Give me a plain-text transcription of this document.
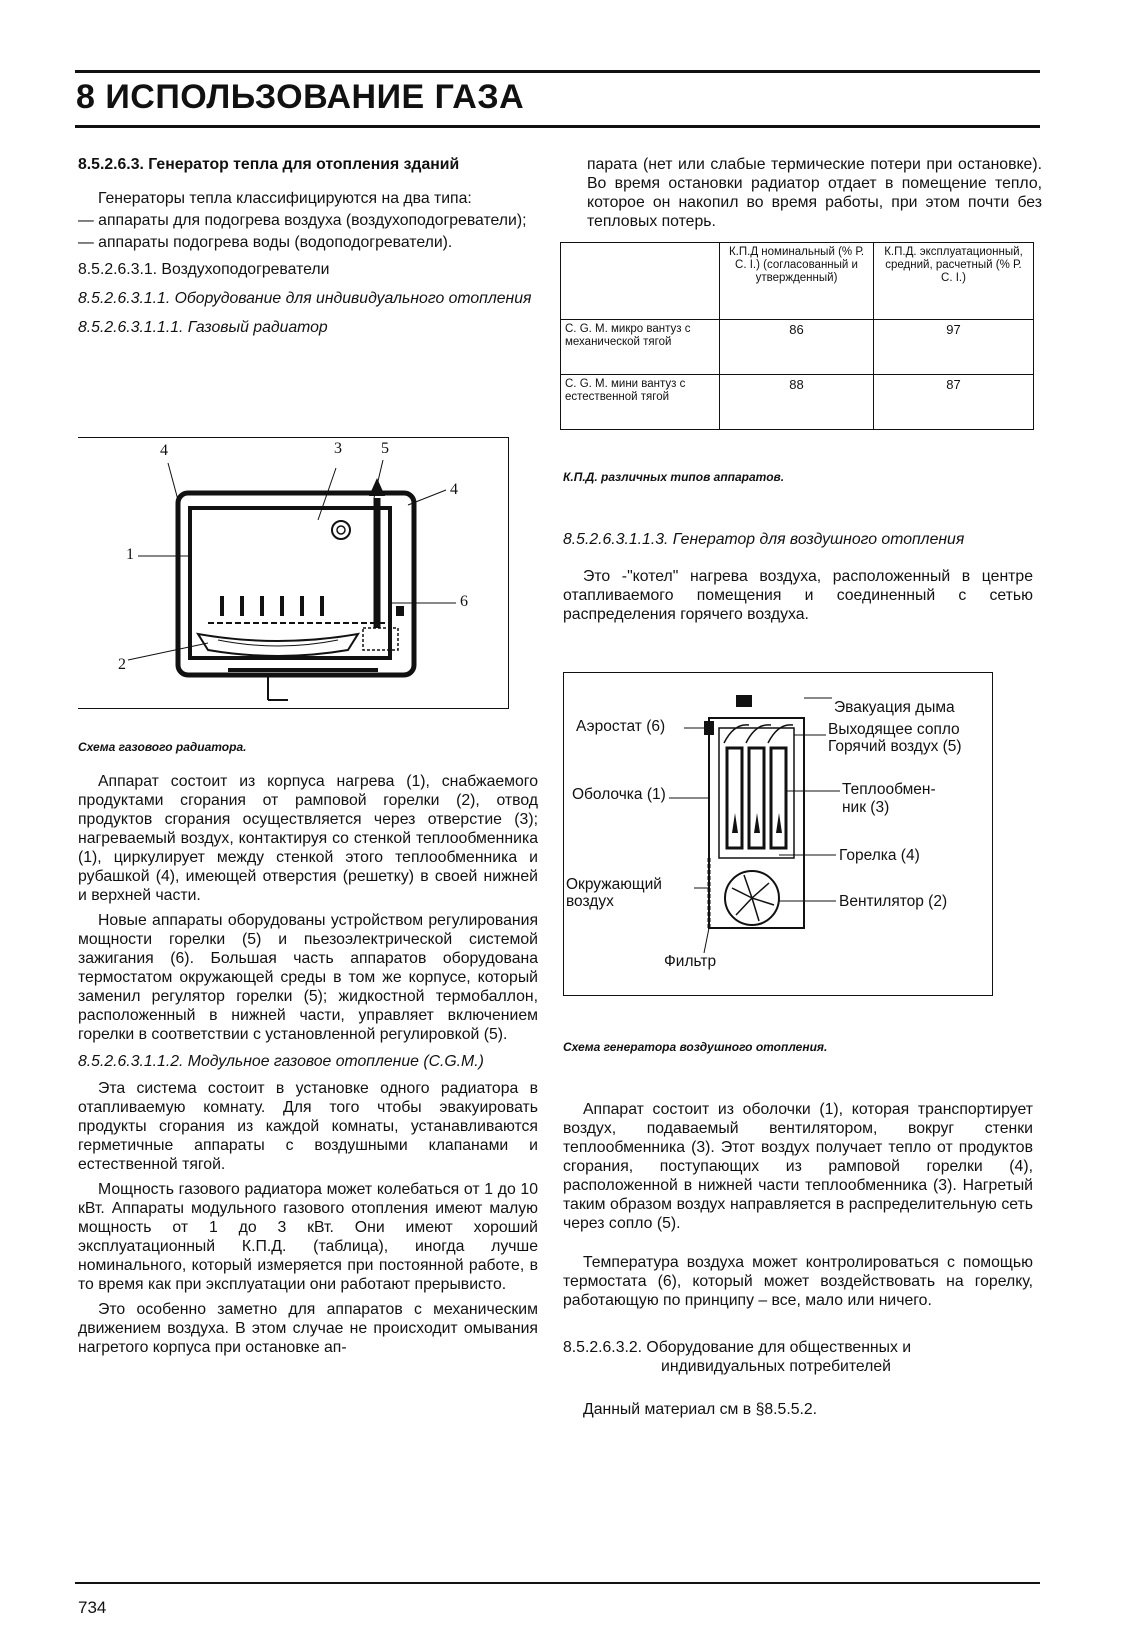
8 ИСПОЛЬЗОВАНИЕ ГАЗА

8.5.2.6.3. Генератор тепла для отопления зданий

Генераторы тепла классифицируются на два типа:

— аппараты для подогрева воздуха (воздухоподогреватели);

— аппараты подогрева воды (водоподогреватели).

8.5.2.6.3.1. Воздухоподогреватели

8.5.2.6.3.1.1. Оборудование для индивидуального отопления

8.5.2.6.3.1.1.1. Газовый радиатор

4	3 5
4
1
6
2

Схема газового радиатора.

Аппарат состоит из корпуса нагрева (1), снабжаемого продуктами сгорания от рамповой горелки (2), отвод продуктов сгорания осуществляется через отверстие (3); нагреваемый воздух, контактируя со стенкой теплообменника (1), циркулирует между стенкой этого теплообменника и рубашкой (4), имеющей отверстия (решетку) в своей нижней и верхней части.

Новые аппараты оборудованы устройством регулирования мощности горелки (5) и пьезоэлектрической системой зажигания (6). Большая часть аппаратов оборудована термостатом окружающей среды в том же корпусе, который заменил регулятор горелки (5); жидкостной термобаллон, расположенный в нижней части, управляет включением горелки в соответствии с установленной регулировкой (5).

8.5.2.6.3.1.1.2. Модульное газовое отопление (C.G.M.)

Эта система состоит в установке одного радиатора в отапливаемую комнату. Для того чтобы эвакуировать продукты сгорания из каждой комнаты, устанавливаются герметичные аппараты с воздушными клапанами и естественной тягой.

Мощность газового радиатора может колебаться от 1 до 10 кВт. Аппараты модульного газового отопления имеют малую мощность от 1 до 3 кВт. Они имеют хороший эксплуатационный К.П.Д. (таблица), иногда лучше номинального, который измеряется при постоянной работе, в то время как при эксплуатации они работают прерывисто.

Это особенно заметно для аппаратов с механическим движением воздуха. В этом случае не происходит омывания нагретого корпуса при остановке ап-

парата (нет или слабые термические потери при остановке). Во время остановки радиатор отдает в помещение тепло, которое он накопил во время работы, при этом почти без тепловых потерь.

	К.П.Д номинальный (% Р. С. I.) (согласованный и утвержденный)	К.П.Д. эксплуатационный, средний, расчетный (% Р. С. I.)
C. G. M. микро вантуз с механической тягой	86	97
C. G. M. мини вантуз с естественной тягой	88	87

К.П.Д. различных типов аппаратов.

8.5.2.6.3.1.1.3. Генератор для воздушного отопления

Это -"котел" нагрева воздуха, расположенный в центре отапливаемого помещения и соединенный с сетью распределения горячего воздуха.

Эвакуация дыма
Аэростат (6)	Выходящее сопло
Горячий воздух (5)
Оболочка (1)	Теплообмен-
ник (3)
Горелка (4)
Окружающий
воздух	Вентилятор (2)
Фильтр

Схема генератора воздушного отопления.

Аппарат состоит из оболочки (1), которая транспортирует воздух, подаваемый вентилятором, вокруг стенки теплообменника (3). Этот воздух получает тепло от продуктов сгорания, поступающих из рамповой горелки (4), расположенной в нижней части теплообменника (3). Нагретый таким образом воздух направляется в распределительную сеть через сопло (5).

Температура воздуха может контролироваться с помощью термостата (6), который может воздействовать на горелку, работающую по принципу – все, мало или ничего.

8.5.2.6.3.2. Оборудование для общественных и индивидуальных потребителей

Данный материал см в §8.5.5.2.

734
